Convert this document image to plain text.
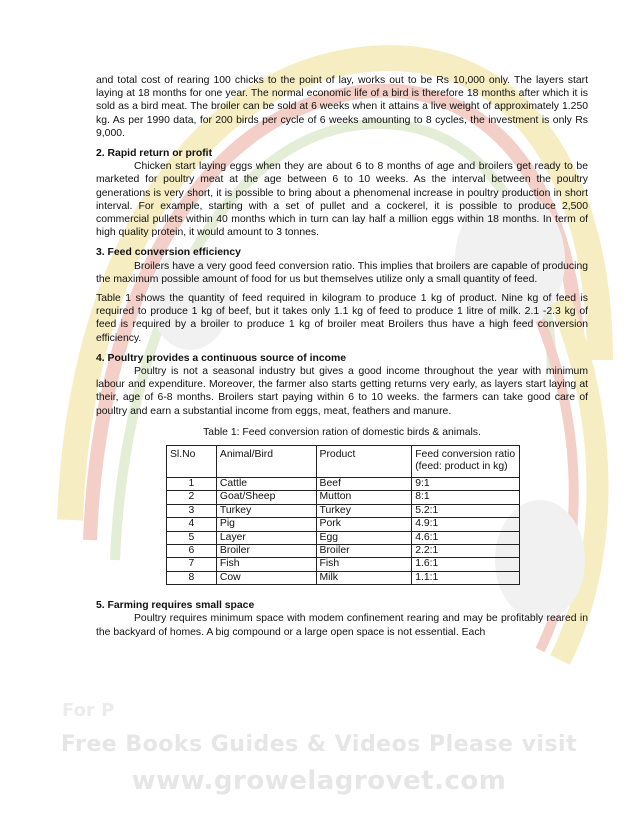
For P
Free Books Guides & Videos Please visit
www.growelagrovet.com

and total cost of rearing 100 chicks to the point of lay, works out to be Rs 10,000 only. The layers start laying at 18 months for one year. The normal economic life of a bird is therefore 18 months after which it is sold as a bird meat. The broiler can be sold at 6 weeks when it attains a live weight of approximately 1.250 kg. As per 1990 data, for 200 birds per cycle of 6 weeks amounting to 8 cycles, the investment is only Rs 9,000.

2. Rapid return or profit

Chicken start laying eggs when they are about 6 to 8 months of age and broilers get ready to be marketed for poultry meat at the age between 6 to 10 weeks. As the interval between the poultry generations is very short, it is possible to bring about a phenomenal increase in poultry production in short interval. For example, starting with a set of pullet and a cockerel, it is possible to produce 2,500 commercial pullets within 40 months which in turn can lay half a million eggs within 18 months. In term of high quality protein, it would amount to 3 tonnes.

3. Feed conversion efficiency

Broilers have a very good feed conversion ratio. This implies that broilers are capable of producing the maximum possible amount of food for us but themselves utilize only a small quantity of feed.

Table 1 shows the quantity of feed required in kilogram to produce 1 kg of product. Nine kg of feed is required to produce 1 kg of beef, but it takes only 1.1 kg of feed to produce 1 litre of milk. 2.1 -2.3 kg of feed is required by a broiler to produce 1 kg of broiler meat Broilers thus have a high feed conversion efficiency.

4. Poultry provides a continuous source of income

Poultry is not a seasonal industry but gives a good income throughout the year with minimum labour and expenditure. Moreover, the farmer also starts getting returns very early, as layers start laying at their, age of 6-8 months. Broilers start paying within 6 to 10 weeks. the farmers can take good care of poultry and earn a substantial income from eggs, meat, feathers and manure.

Table 1: Feed conversion ration of domestic birds & animals.

Sl.No	Animal/Bird	Product	Feed conversion ratio (feed: product in kg)
1	Cattle	Beef	9:1
2	Goat/Sheep	Mutton	8:1
3	Turkey	Turkey	5.2:1
4	Pig	Pork	4.9:1
5	Layer	Egg	4.6:1
6	Broiler	Broiler	2.2:1
7	Fish	Fish	1.6:1
8	Cow	Milk	1.1:1

5. Farming requires small space

Poultry requires minimum space with modem confinement rearing and may be profitably reared in the backyard of homes. A big compound or a large open space is not essential. Each
